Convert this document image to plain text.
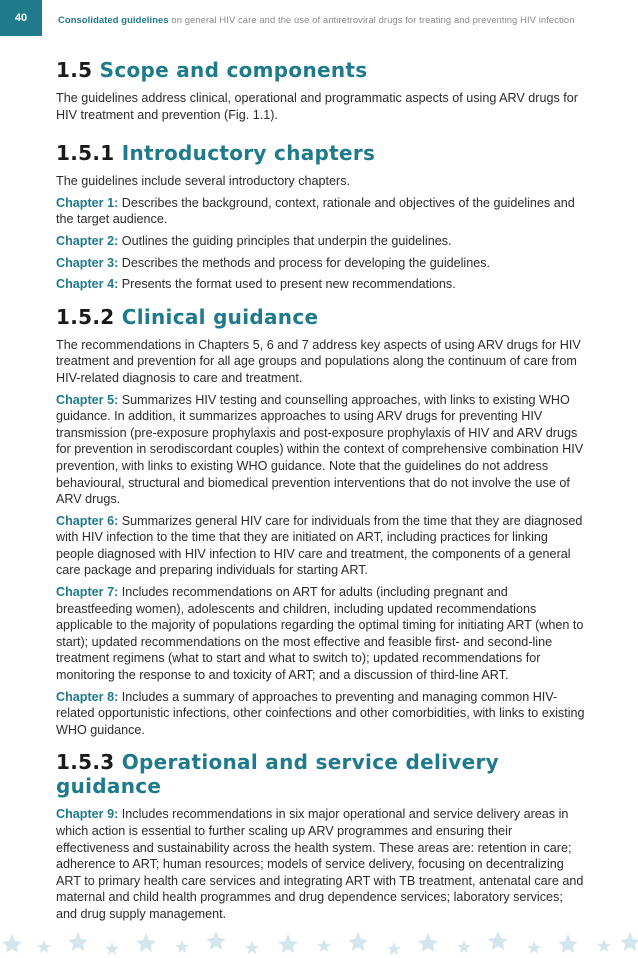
40	Consolidated guidelines on general HIV care and the use of antiretroviral drugs for treating and preventing HIV infection
1.5 Scope and components

The guidelines address clinical, operational and programmatic aspects of using ARV drugs for HIV treatment and prevention (Fig. 1.1).

1.5.1 Introductory chapters

The guidelines include several introductory chapters.

Chapter 1: Describes the background, context, rationale and objectives of the guidelines and the target audience.

Chapter 2: Outlines the guiding principles that underpin the guidelines.

Chapter 3: Describes the methods and process for developing the guidelines.

Chapter 4: Presents the format used to present new recommendations.

1.5.2 Clinical guidance

The recommendations in Chapters 5, 6 and 7 address key aspects of using ARV drugs for HIV treatment and prevention for all age groups and populations along the continuum of care from HIV-related diagnosis to care and treatment.

Chapter 5: Summarizes HIV testing and counselling approaches, with links to existing WHO guidance. In addition, it summarizes approaches to using ARV drugs for preventing HIV transmission (pre-exposure prophylaxis and post-exposure prophylaxis of HIV and ARV drugs for prevention in serodiscordant couples) within the context of comprehensive combination HIV prevention, with links to existing WHO guidance. Note that the guidelines do not address behavioural, structural and biomedical prevention interventions that do not involve the use of ARV drugs.

Chapter 6: Summarizes general HIV care for individuals from the time that they are diagnosed with HIV infection to the time that they are initiated on ART, including practices for linking people diagnosed with HIV infection to HIV care and treatment, the components of a general care package and preparing individuals for starting ART.

Chapter 7: Includes recommendations on ART for adults (including pregnant and breastfeeding women), adolescents and children, including updated recommendations applicable to the majority of populations regarding the optimal timing for initiating ART (when to start); updated recommendations on the most effective and feasible first- and second-line treatment regimens (what to start and what to switch to); updated recommendations for monitoring the response to and toxicity of ART; and a discussion of third-line ART.

Chapter 8: Includes a summary of approaches to preventing and managing common HIV-related opportunistic infections, other coinfections and other comorbidities, with links to existing WHO guidance.

1.5.3 Operational and service delivery guidance

Chapter 9: Includes recommendations in six major operational and service delivery areas in which action is essential to further scaling up ARV programmes and ensuring their effectiveness and sustainability across the health system. These areas are: retention in care; adherence to ART; human resources; models of service delivery, focusing on decentralizing ART to primary health care services and integrating ART with TB treatment, antenatal care and maternal and child health programmes and drug dependence services; laboratory services; and drug supply management.
